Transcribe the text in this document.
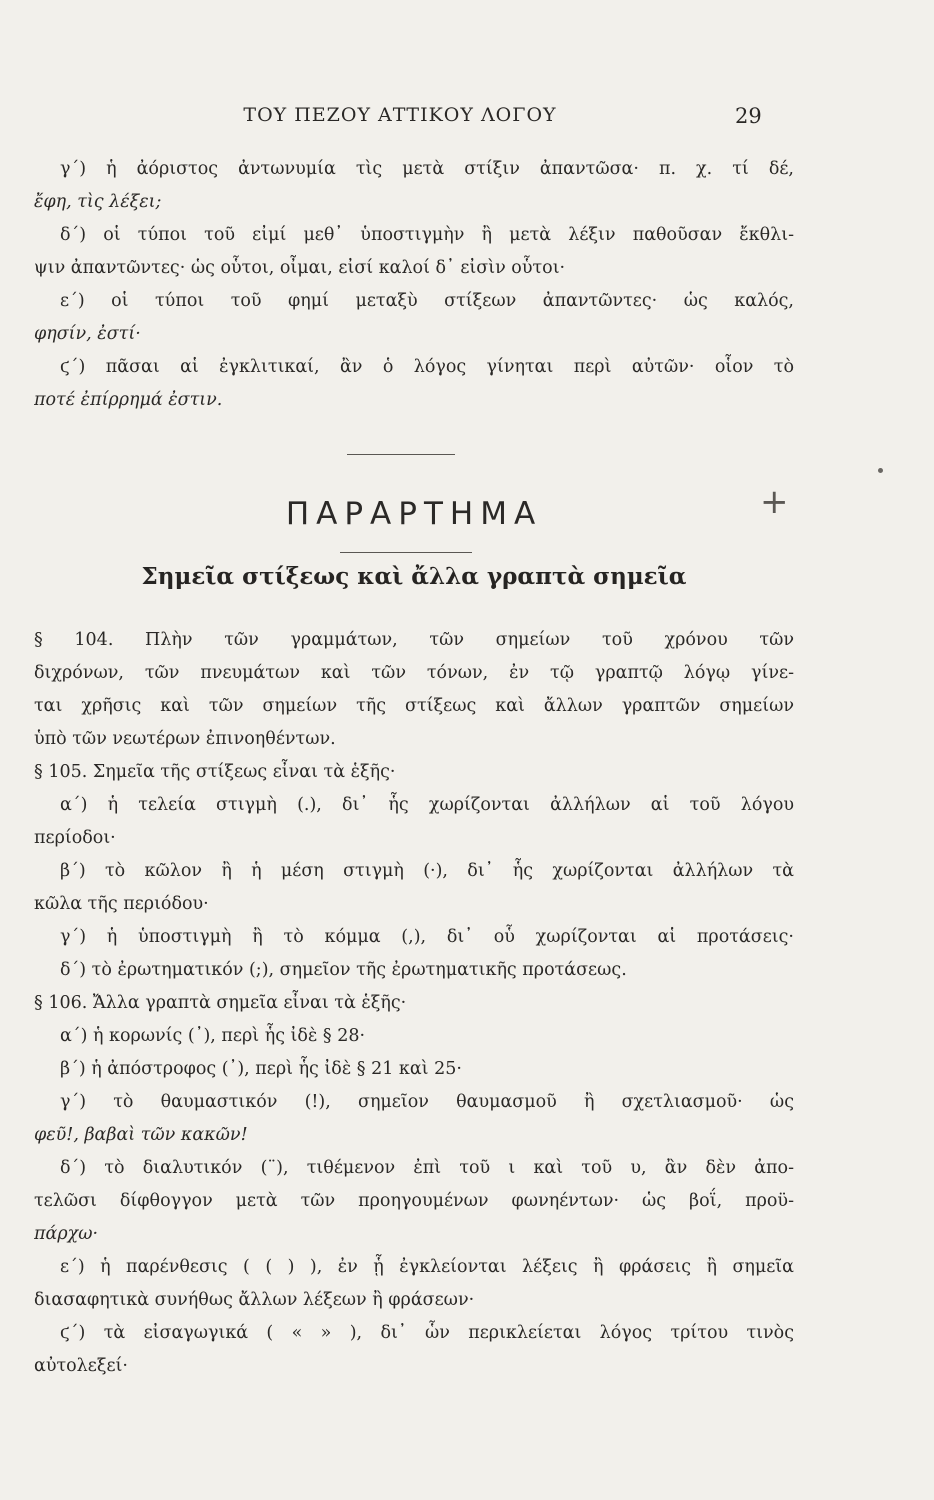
ΤΟΥ ΠΕΖΟΥ ΑΤΤΙΚΟΥ ΛΟΓΟΥ	29

γ΄) ἡ ἀόριστος ἀντωνυμία τὶς μετὰ στίξιν ἀπαντῶσα· π. χ. τί δέ,

ἔφη, τὶς λέξει;

δ΄) οἱ τύποι τοῦ εἰμί μεθ᾽ ὑποστιγμὴν ἢ μετὰ λέξιν παθοῦσαν ἔκθλι-

ψιν ἀπαντῶντες· ὡς οὗτοι, οἶμαι, εἰσί καλοί δ᾽ εἰσὶν οὗτοι·

ε΄) οἱ τύποι τοῦ φημί μεταξὺ στίξεων ἀπαντῶντες· ὡς καλός,

φησίν, ἐστί·

ϛ΄) πᾶσαι αἱ ἐγκλιτικαί, ἂν ὁ λόγος γίνηται περὶ αὐτῶν· οἷον τὸ

ποτέ ἐπίρρημά ἐστιν.

ΠΑΡΑΡΤΗΜΑ	+
Σημεῖα στίξεως καὶ ἄλλα γραπτὰ σημεῖα

§ 104. Πλὴν τῶν γραμμάτων, τῶν σημείων τοῦ χρόνου τῶν

διχρόνων, τῶν πνευμάτων καὶ τῶν τόνων, ἐν τῷ γραπτῷ λόγῳ γίνε-

ται χρῆσις καὶ τῶν σημείων τῆς στίξεως καὶ ἄλλων γραπτῶν σημείων

ὑπὸ τῶν νεωτέρων ἐπινοηθέντων.

§ 105. Σημεῖα τῆς στίξεως εἶναι τὰ ἑξῆς·

α΄) ἡ τελεία στιγμὴ (.), δι᾽ ἧς χωρίζονται ἀλλήλων αἱ τοῦ λόγου

περίοδοι·

β΄) τὸ κῶλον ἢ ἡ μέση στιγμὴ (·), δι᾽ ἧς χωρίζονται ἀλλήλων τὰ

κῶλα τῆς περιόδου·

γ΄) ἡ ὑποστιγμὴ ἢ τὸ κόμμα (,), δι᾽ οὗ χωρίζονται αἱ προτάσεις·

δ΄) τὸ ἐρωτηματικόν (;), σημεῖον τῆς ἐρωτηματικῆς προτάσεως.

§ 106. Ἄλλα γραπτὰ σημεῖα εἶναι τὰ ἑξῆς·

α΄) ἡ κορωνίς (᾽), περὶ ἧς ἰδὲ § 28·

β΄) ἡ ἀπόστροφος (᾽), περὶ ἧς ἰδὲ § 21 καὶ 25·

γ΄) τὸ θαυμαστικόν (!), σημεῖον θαυμασμοῦ ἢ σχετλιασμοῦ· ὡς

φεῦ!, βαβαὶ τῶν κακῶν!

δ΄) τὸ διαλυτικόν (¨), τιθέμενον ἐπὶ τοῦ ι καὶ τοῦ υ, ἂν δὲν ἀπο-

τελῶσι δίφθογγον μετὰ τῶν προηγουμένων φωνηέντων· ὡς βοΐ, προϋ-

πάρχω·

ε΄) ἡ παρένθεσις ( ( ) ), ἐν ᾗ ἐγκλείονται λέξεις ἢ φράσεις ἢ σημεῖα

διασαφητικὰ συνήθως ἄλλων λέξεων ἢ φράσεων·

ϛ΄) τὰ εἰσαγωγικά ( « » ), δι᾽ ὧν περικλείεται λόγος τρίτου τινὸς

αὐτολεξεί·
